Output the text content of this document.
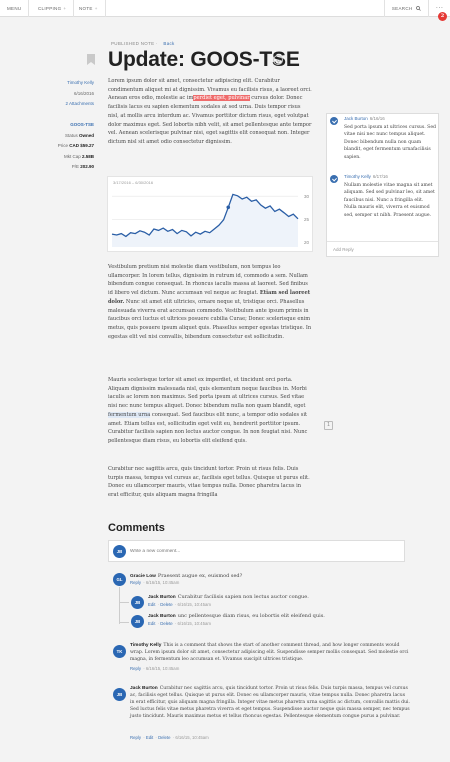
MENU	CLIPPING +	NOTE +	SEARCH	…
2
PUBLISHED NOTE · Back
Update: GOOS-TSE
Timothy Kelly
6/16/2016
2 Attachments
GOOS-TSE
Status Owned
Price CAD $59.27
Mkt Cap 2.58B
P/E 202.90
Lorem ipsum dolor sit amet, consectetur adipiscing elit. Curabitur condimentum aliquet mi at dignissim. Vivamus eu facilisis risus, a laoreet orci. Aenean eros odio, molestie ac imperdiet eget, pulvinar cursus dolor. Donec facilisis lacus eu sapien elementum sodales at sed urna. Duis tempor risus nisl, at mollis arcu interdum ac. Vivamus porttitor dictum risus, eget volutpat dolor maximus eget. Sed lobortis nibh velit, sit amet pellentesque ante tempor vel. Aenean scelerisque pulvinar nisi, eget sagittis elit consequat non. Integer dictum nisl sit amet odio consectetur dignissim.
3/17/2016 – 6/30/2016
20
25
30
Vestibulum pretium nisi molestie diam vestibulum, non tempus leo ullamcorper. In lorem tellus, dignissim in rutrum id, commodo a sem. Nullam bibendum congue consequat. In rhoncus iaculis massa at laoreet. Sed finibus id libero vel dictum. Nunc accumsan vel neque ac feugiat. Etiam sed laoreet dolor. Nunc sit amet elit ultricies, ornare neque ut, tristique orci. Phasellus malesuada viverra erat accumsan commodo. Vestibulum ante ipsum primis in faucibus orci luctus et ultrices posuere cubilia Curae; Donec scelerisque enim metus, quis posuere ipsum aliquet quis. Phasellus semper egestas tristique. In egestas elit vel nisi convallis, bibendum consectetur est sollicitudin.
Mauris scelerisque tortor sit amet ex imperdiet, et tincidunt orci porta. Aliquam dignissim malesuada nisl, quis elementum neque faucibus in. Morbi iaculis ac lorem non maximus. Sed porta ipsum at ultrices cursus. Sed vitae nisi nec nunc tempus aliquet. Donec bibendum nulla non quam blandit, eget fermentum urna consequat. Sed faucibus elit nunc, a tempor odio sodales sit amet. Etiam tellus est, sollicitudin eget velit eu, hendrerit porttitor ipsum. Curabitur facilisis sapien non lectus auctor congue. In non feugiat nisi. Nunc pellentesque diam risus, eu lobortis elit eleifend quis.
Curabitur nec sagittis arcu, quis tincidunt tortor. Proin ut risus felis. Duis turpis massa, tempus vel cursus ac, facilisis eget tellus. Quisque ut purus elit. Donec eu ullamcorper mauris, vitae tempus nulla. Donec pharetra lacus in erat efficitur, quis aliquam magna fringilla
Jack Burton 6/16/16
Sed porta ipsum at ultrices cursus. Sed vitae nisi nec nunc tempus aliquet. Donec bibendum nulla non quam blandit, eget fermentum urnafacilisis sapien.
Timothy Kelly 6/17/16
Nullam molestie vitae magna sit amet aliquam. Sed sed pulvinar leo, sit amet faucibus nisi. Nunc a fringilla elit. Nulla mauris elit, viverra et euismod sed, semper ut nibh. Praesent augue.
Add Reply
1
Comments
JB
Write a new comment...
GL
Gracie Low Praesent augue ex, euismod sed?
Reply · 6/16/15, 10:45am
JB
Jack Burton Curabitur facilisis sapien non lectus auctor congue.
Edit · Delete · 6/16/15, 10:45am
JB
Jack Burton unc pellentesque diam risus, eu lobortis elit eleifend quis.
Edit · Delete · 6/16/15, 10:45am
TK
Timothy Kelly This is a comment that shows the start of another comment thread, and how longer comments would wrap. Lorem ipsum dolor sit amet, consectetur adipiscing elit. Suspendisse semper mollis consequat. Sed molestie orci magna, in fermentum leo accumsan et. Vivamus suscipit ultrices tristique.
Reply · 6/16/15, 10:45am
JB
Jack Burton Curabitur nec sagittis arcu, quis tincidunt tortor. Proin ut risus felis. Duis turpis massa, tempus vel cursus ac, facilisis eget tellus. Quisque ut purus elit. Donec eu ullamcorper mauris, vitae tempus nulla. Donec pharetra lacus in erat efficitur, quis aliquam magna fringilla. Integer vitae metus pharetra urna sagittis ac dictum, convallis mattis dui. Sed luctus felis vitae metus pharetra viverra et eget tempus. Suspendisse auctor neque quis massa semper, nec tempus justo tincidunt. Mauris maximus metus et tellus rhoncus egestas. Pellentesque elementum congue purus a pulvinar.
Reply · Edit · Delete · 6/16/15, 10:45am
